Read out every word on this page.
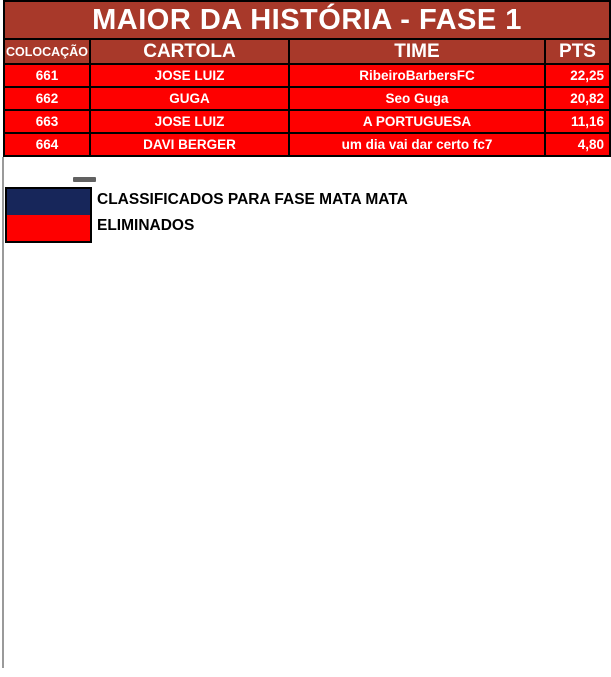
MAIOR DA HISTÓRIA - FASE 1			
COLOCAÇÃO	CARTOLA	TIME	PTS
661	JOSE LUIZ	RibeiroBarbersFC	22,25
662	GUGA	Seo Guga	20,82
663	JOSE LUIZ	A PORTUGUESA	11,16
664	DAVI BERGER	um dia vai dar certo fc7	4,80
CLASSIFICADOS PARA FASE MATA MATA
ELIMINADOS
